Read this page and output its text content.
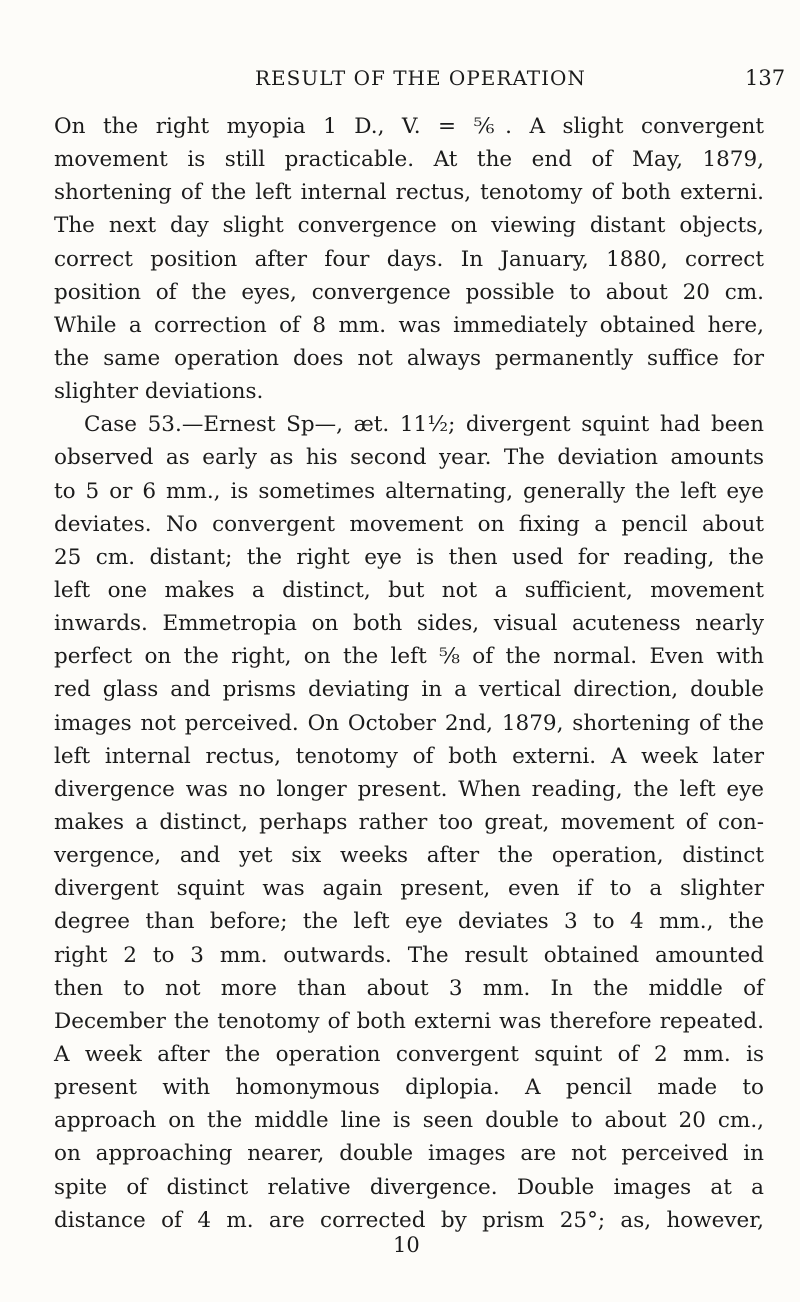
RESULT OF THE OPERATION	137
On the right myopia 1 D., V. = ⅚. A slight convergent
movement is still practicable. At the end of May, 1879,
shortening of the left internal rectus, tenotomy of both externi.
The next day slight convergence on viewing distant objects,
correct position after four days. In January, 1880, correct
position of the eyes, convergence possible to about 20 cm.
While a correction of 8 mm. was immediately obtained here,
the same operation does not always permanently suffice for
slighter deviations.
Case 53.—Ernest Sp—, æt. 11½; divergent squint had been
observed as early as his second year. The deviation amounts
to 5 or 6 mm., is sometimes alternating, generally the left eye
deviates. No convergent movement on fixing a pencil about
25 cm. distant; the right eye is then used for reading, the
left one makes a distinct, but not a sufficient, movement
inwards. Emmetropia on both sides, visual acuteness nearly
perfect on the right, on the left ⅝ of the normal. Even with
red glass and prisms deviating in a vertical direction, double
images not perceived. On October 2nd, 1879, shortening of the
left internal rectus, tenotomy of both externi. A week later
divergence was no longer present. When reading, the left eye
makes a distinct, perhaps rather too great, movement of con-
vergence, and yet six weeks after the operation, distinct
divergent squint was again present, even if to a slighter
degree than before; the left eye deviates 3 to 4 mm., the
right 2 to 3 mm. outwards. The result obtained amounted
then to not more than about 3 mm. In the middle of
December the tenotomy of both externi was therefore repeated.
A week after the operation convergent squint of 2 mm. is
present with homonymous diplopia. A pencil made to
approach on the middle line is seen double to about 20 cm.,
on approaching nearer, double images are not perceived in
spite of distinct relative divergence. Double images at a
distance of 4 m. are corrected by prism 25°; as, however,
10
